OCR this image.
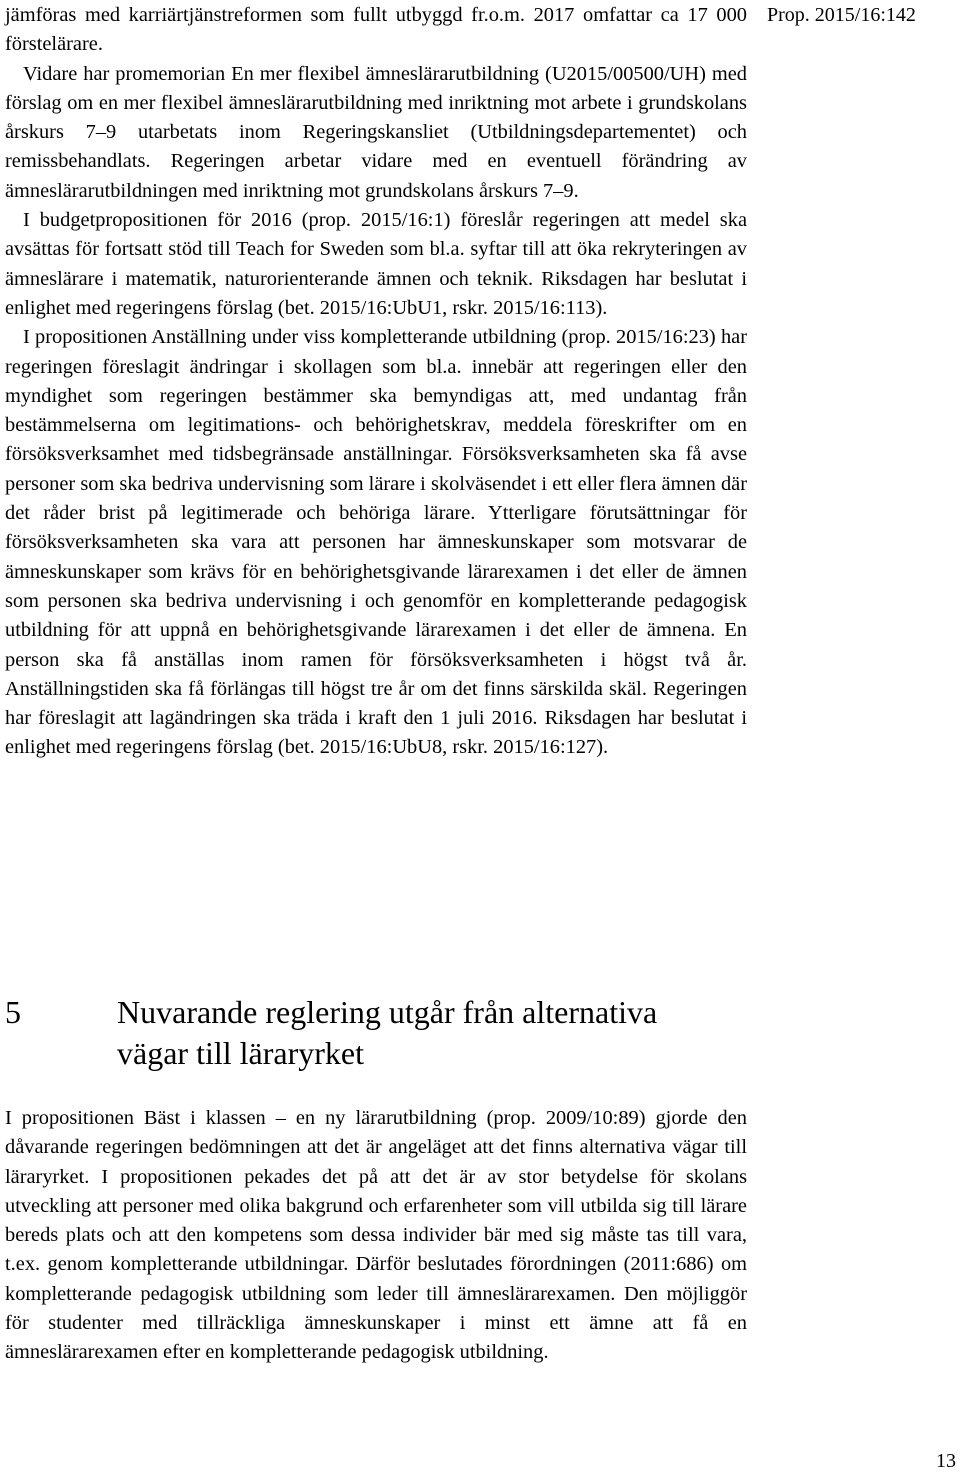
Prop. 2015/16:142

jämföras med karriärtjänstreformen som fullt utbyggd fr.o.m. 2017 omfattar ca 17 000 förstelärare.

Vidare har promemorian En mer flexibel ämneslärarutbildning (U2015/00500/UH) med förslag om en mer flexibel ämneslärarutbildning med inriktning mot arbete i grundskolans årskurs 7–9 utarbetats inom Regeringskansliet (Utbildningsdepartementet) och remissbehandlats. Regeringen arbetar vidare med en eventuell förändring av ämneslärarutbildningen med inriktning mot grundskolans årskurs 7–9.

I budgetpropositionen för 2016 (prop. 2015/16:1) föreslår regeringen att medel ska avsättas för fortsatt stöd till Teach for Sweden som bl.a. syftar till att öka rekryteringen av ämneslärare i matematik, naturorienterande ämnen och teknik. Riksdagen har beslutat i enlighet med regeringens förslag (bet. 2015/16:UbU1, rskr. 2015/16:113).

I propositionen Anställning under viss kompletterande utbildning (prop. 2015/16:23) har regeringen föreslagit ändringar i skollagen som bl.a. innebär att regeringen eller den myndighet som regeringen bestämmer ska bemyndigas att, med undantag från bestämmelserna om legitimations- och behörighetskrav, meddela föreskrifter om en försöksverksamhet med tidsbegränsade anställningar. Försöksverksamheten ska få avse personer som ska bedriva undervisning som lärare i skolväsendet i ett eller flera ämnen där det råder brist på legitimerade och behöriga lärare. Ytterligare förutsättningar för försöksverksamheten ska vara att personen har ämneskunskaper som motsvarar de ämneskunskaper som krävs för en behörighetsgivande lärarexamen i det eller de ämnen som personen ska bedriva undervisning i och genomför en kompletterande pedagogisk utbildning för att uppnå en behörighetsgivande lärarexamen i det eller de ämnena. En person ska få anställas inom ramen för försöksverksamheten i högst två år. Anställningstiden ska få förlängas till högst tre år om det finns särskilda skäl. Regeringen har föreslagit att lagändringen ska träda i kraft den 1 juli 2016. Riksdagen har beslutat i enlighet med regeringens förslag (bet. 2015/16:UbU8, rskr. 2015/16:127).

5	Nuvarande reglering utgår från alternativa vägar till läraryrket

I propositionen Bäst i klassen – en ny lärarutbildning (prop. 2009/10:89) gjorde den dåvarande regeringen bedömningen att det är angeläget att det finns alternativa vägar till läraryrket. I propositionen pekades det på att det är av stor betydelse för skolans utveckling att personer med olika bakgrund och erfarenheter som vill utbilda sig till lärare bereds plats och att den kompetens som dessa individer bär med sig måste tas till vara, t.ex. genom kompletterande utbildningar. Därför beslutades förordningen (2011:686) om kompletterande pedagogisk utbildning som leder till ämneslärarexamen. Den möjliggör för studenter med tillräckliga ämneskunskaper i minst ett ämne att få en ämneslärarexamen efter en kompletterande pedagogisk utbildning.

13
